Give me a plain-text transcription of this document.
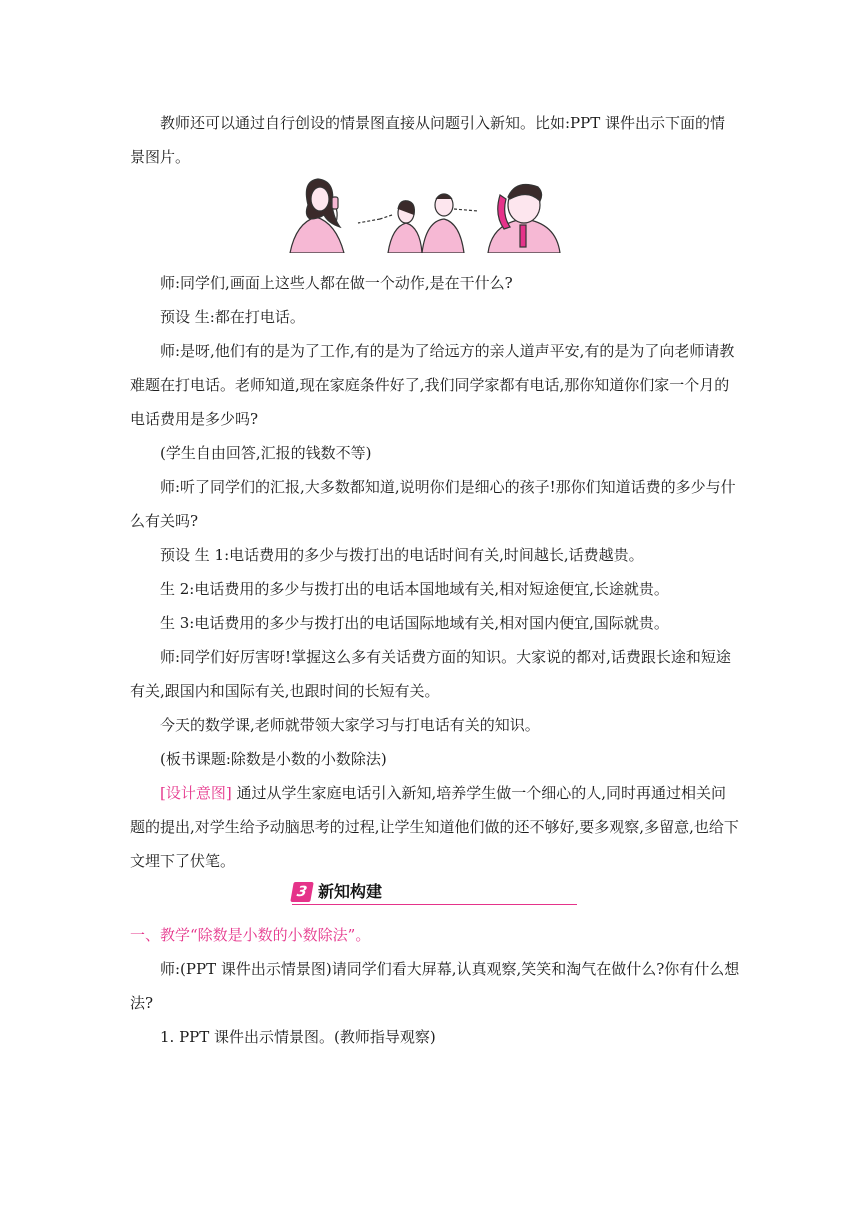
教师还可以通过自行创设的情景图直接从问题引入新知。比如:PPT 课件出示下面的情景图片。

师:同学们,画面上这些人都在做一个动作,是在干什么?

预设 生:都在打电话。

师:是呀,他们有的是为了工作,有的是为了给远方的亲人道声平安,有的是为了向老师请教难题在打电话。老师知道,现在家庭条件好了,我们同学家都有电话,那你知道你们家一个月的电话费用是多少吗?

(学生自由回答,汇报的钱数不等)

师:听了同学们的汇报,大多数都知道,说明你们是细心的孩子!那你们知道话费的多少与什么有关吗?

预设 生 1:电话费用的多少与拨打出的电话时间有关,时间越长,话费越贵。

生 2:电话费用的多少与拨打出的电话本国地域有关,相对短途便宜,长途就贵。

生 3:电话费用的多少与拨打出的电话国际地域有关,相对国内便宜,国际就贵。

师:同学们好厉害呀!掌握这么多有关话费方面的知识。大家说的都对,话费跟长途和短途有关,跟国内和国际有关,也跟时间的长短有关。

今天的数学课,老师就带领大家学习与打电话有关的知识。

(板书课题:除数是小数的小数除法)

[设计意图] 通过从学生家庭电话引入新知,培养学生做一个细心的人,同时再通过相关问题的提出,对学生给予动脑思考的过程,让学生知道他们做的还不够好,要多观察,多留意,也给下文埋下了伏笔。

3 新知构建

一、教学“除数是小数的小数除法”。

师:(PPT 课件出示情景图)请同学们看大屏幕,认真观察,笑笑和淘气在做什么?你有什么想法?

1. PPT 课件出示情景图。(教师指导观察)
